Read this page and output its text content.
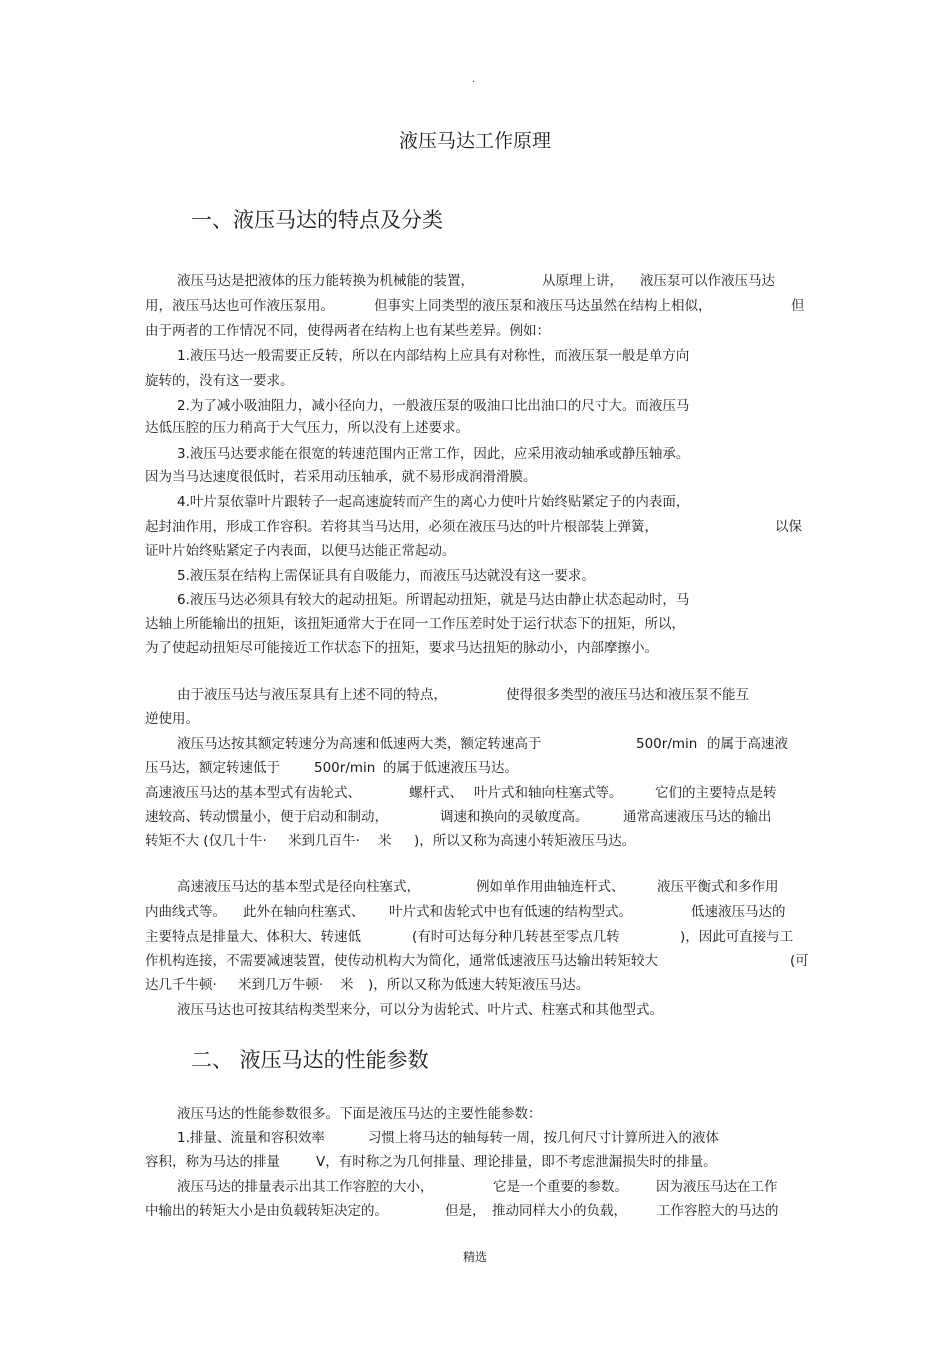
.
液压马达工作原理
一、液压马达的特点及分类
液压马达是把液体的压力能转换为机械能的装置，	从原理上讲， 液压泵可以作液压马达
用，液压马达也可作液压泵用。	但事实上同类型的液压泵和液压马达虽然在结构上相似，	但
由于两者的工作情况不同，使得两者在结构上也有某些差异。例如：
1.液压马达一般需要正反转，所以在内部结构上应具有对称性，而液压泵一般是单方向
旋转的，没有这一要求。
2.为了减小吸油阻力，减小径向力，一般液压泵的吸油口比出油口的尺寸大。而液压马
达低压腔的压力稍高于大气压力，所以没有上述要求。
3.液压马达要求能在很宽的转速范围内正常工作，因此，应采用液动轴承或静压轴承。
因为当马达速度很低时，若采用动压轴承，就不易形成润滑滑膜。
4.叶片泵依靠叶片跟转子一起高速旋转而产生的离心力使叶片始终贴紧定子的内表面，
起封油作用，形成工作容积。若将其当马达用，必须在液压马达的叶片根部装上弹簧，	以保
证叶片始终贴紧定子内表面，以便马达能正常起动。
5.液压泵在结构上需保证具有自吸能力，而液压马达就没有这一要求。
6.液压马达必须具有较大的起动扭矩。所谓起动扭矩，就是马达由静止状态起动时，马
达轴上所能输出的扭矩，该扭矩通常大于在同一工作压差时处于运行状态下的扭矩，所以，
为了使起动扭矩尽可能接近工作状态下的扭矩，要求马达扭矩的脉动小，内部摩擦小。
由于液压马达与液压泵具有上述不同的特点，	使得很多类型的液压马达和液压泵不能互
逆使用。
液压马达按其额定转速分为高速和低速两大类，额定转速高于	500r/min 的属于高速液
压马达，额定转速低于	500r/min 的属于低速液压马达。
高速液压马达的基本型式有齿轮式、	螺杆式、 叶片式和轴向柱塞式等。 它们的主要特点是转
速较高、转动惯量小，便于启动和制动，	调速和换向的灵敏度高。	通常高速液压马达的输出
转矩不大 (仅几十牛· 米到几百牛· 米 )，所以又称为高速小转矩液压马达。
高速液压马达的基本型式是径向柱塞式，	例如单作用曲轴连杆式、 液压平衡式和多作用
内曲线式等。 此外在轴向柱塞式、 叶片式和齿轮式中也有低速的结构型式。	低速液压马达的
主要特点是排量大、体积大、转速低	(有时可达每分种几转甚至零点几转	)，因此可直接与工
作机构连接，不需要减速装置，使传动机构大为简化，通常低速液压马达输出转矩较大	(可
达几千牛顿· 米到几万牛顿· 米 )，所以又称为低速大转矩液压马达。
液压马达也可按其结构类型来分，可以分为齿轮式、叶片式、柱塞式和其他型式。
二、 液压马达的性能参数
液压马达的性能参数很多。下面是液压马达的主要性能参数：
1.排量、流量和容积效率	习惯上将马达的轴每转一周，按几何尺寸计算所进入的液体
容积，称为马达的排量	V，有时称之为几何排量、理论排量，即不考虑泄漏损失时的排量。
液压马达的排量表示出其工作容腔的大小，	它是一个重要的参数。 因为液压马达在工作
中输出的转矩大小是由负载转矩决定的。	但是， 推动同样大小的负载， 工作容腔大的马达的
精选
